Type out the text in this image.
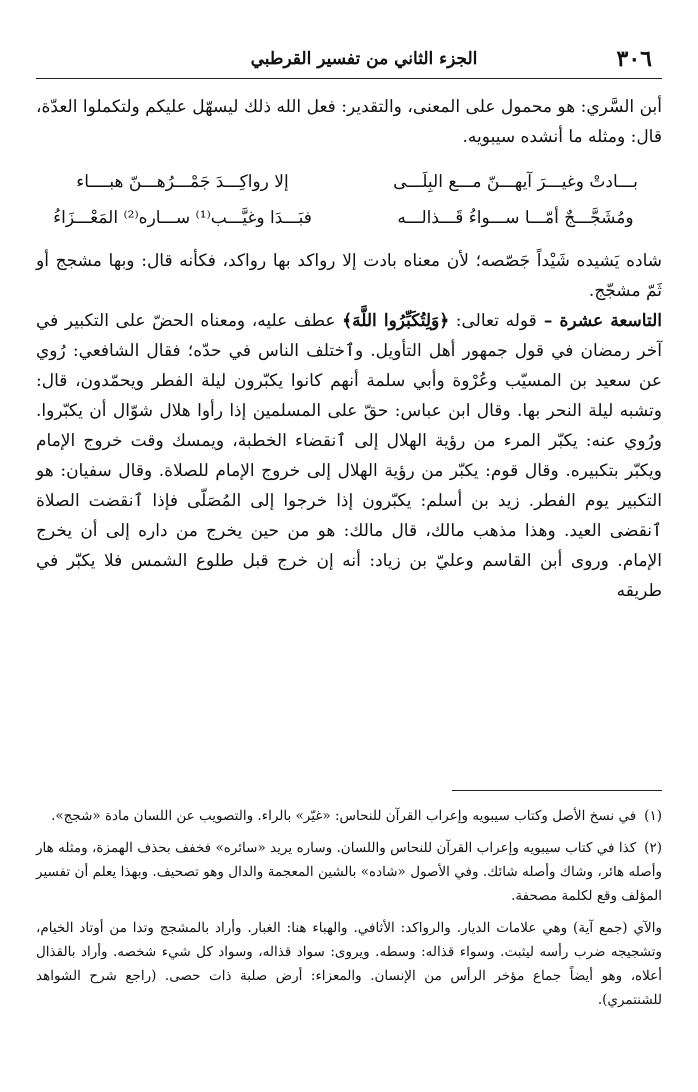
٣٠٦
الجزء الثاني من تفسير القرطبي

أبن السَّري: هو محمول على المعنى، والتقدير: فعل الله ذلك ليسهّل عليكم ولتكملوا العدّة، قال: ومثله ما أنشده سيبويه.

بـــادتْ وغيـــرَ آيهـــنّ مـــع البِلَـــى
إلا رواكِـــدَ جَمْـــرُهـــنّ هبــــاء
ومُشَجَّـــجٌ أمّـــا ســـواءُ قَـــذالـــه
فبَـــدَا وغيَّـــب⁽¹⁾ ســـاره⁽²⁾ المَعْـــزَاءُ

شاده يَشيده شَيْداً جَصّصه؛ لأن معناه بادت إلا رواكد بها رواكد، فكأنه قال: وبها مشجج أو ثَمّ مشجّج.

التاسعة عشرة – قوله تعالى: ﴿وَلِتُكَبِّرُوا اللَّهَ﴾ عطف عليه، ومعناه الحضّ على التكبير في آخر رمضان في قول جمهور أهل التأويل. وٱختلف الناس في حدّه؛ فقال الشافعي: رُوي عن سعيد بن المسيّب وعُرْوة وأبي سلمة أنهم كانوا يكبّرون ليلة الفطر ويحمّدون، قال: وتشبه ليلة النحر بها. وقال ابن عباس: حقّ على المسلمين إذا رأوا هلال شوّال أن يكبّروا. ورُوي عنه: يكبّر المرء من رؤية الهلال إلى ٱنقضاء الخطبة، ويمسك وقت خروج الإمام ويكبّر بتكبيره. وقال قوم: يكبّر من رؤية الهلال إلى خروج الإمام للصلاة. وقال سفيان: هو التكبير يوم الفطر. زيد بن أسلم: يكبّرون إذا خرجوا إلى المُصَلّى فإذا ٱنقضت الصلاة ٱنقضى العيد. وهذا مذهب مالك، قال مالك: هو من حين يخرج من داره إلى أن يخرج الإمام. وروى أبن القاسم وعليّ بن زياد: أنه إن خرج قبل طلوع الشمس فلا يكبّر في طريقه

(١)في نسخ الأصل وكتاب سيبويه وإعراب القرآن للنحاس: «غيّر» بالراء. والتصويب عن اللسان مادة «شجج».

(٢)كذا في كتاب سيبويه وإعراب القرآن للنحاس واللسان. وساره يريد «سائره» فخفف بحذف الهمزة، ومثله هار وأصله هائر، وشاك وأصله شائك. وفي الأصول «شاده» بالشين المعجمة والدال وهو تصحيف. وبهذا يعلم أن تفسير المؤلف وقع لكلمة مصحفة.

والآي (جمع آية) وهي علامات الديار. والرواكد: الأثافي. والهباء هنا: الغبار. وأراد بالمشجج وتدا من أوتاد الخيام، وتشجيجه ضرب رأسه ليثبت. وسواء قذاله: وسطه. ويروى: سواد قذاله، وسواد كل شيء شخصه. وأراد بالقذال أعلاه، وهو أيضاً جماع مؤخر الرأس من الإنسان. والمعزاء: أرض صلبة ذات حصى. (راجع شرح الشواهد للشنتمري).
